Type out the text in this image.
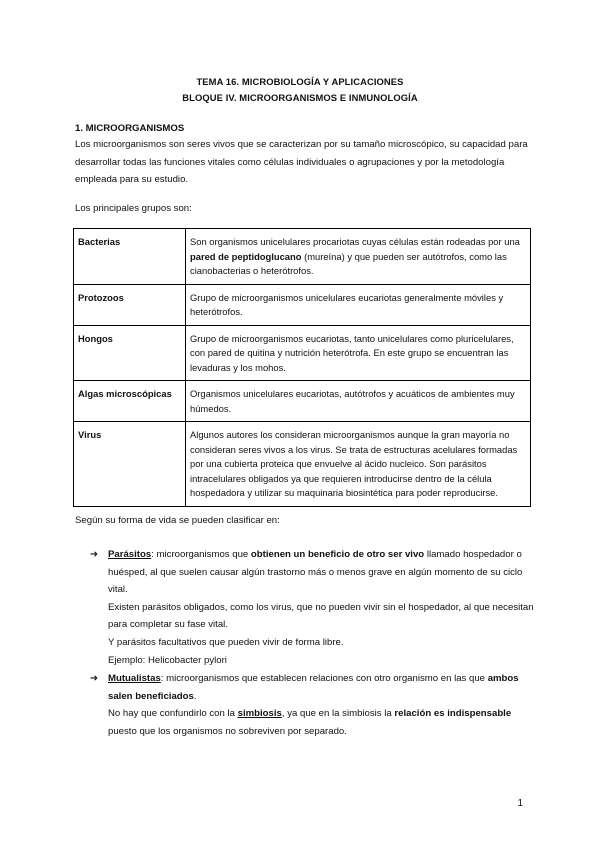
TEMA 16. MICROBIOLOGÍA Y APLICACIONES
BLOQUE IV. MICROORGANISMOS E INMUNOLOGÍA
1. MICROORGANISMOS
Los microorganismos son seres vivos que se caracterizan por su tamaño microscópico, su capacidad para desarrollar todas las funciones vitales como células individuales o agrupaciones y por la metodología empleada para su estudio.
Los principales grupos son:
Bacterias	Son organismos unicelulares procariotas cuyas células están rodeadas por una pared de peptidoglucano (mureína) y que pueden ser autótrofos, como las cianobacterias o heterótrofos.
Protozoos	Grupo de microorganismos unicelulares eucariotas generalmente móviles y heterótrofos.
Hongos	Grupo de microorganismos eucariotas, tanto unicelulares como pluricelulares, con pared de quitina y nutrición heterótrofa. En este grupo se encuentran las levaduras y los mohos.
Algas microscópicas	Organismos unicelulares eucariotas, autótrofos y acuáticos de ambientes muy húmedos.
Virus	Algunos autores los consideran microorganismos aunque la gran mayoría no consideran seres vivos a los virus. Se trata de estructuras acelulares formadas por una cubierta proteica que envuelve al ácido nucleico. Son parásitos intracelulares obligados ya que requieren introducirse dentro de la célula hospedadora y utilizar su maquinaria biosintética para poder reproducirse.
Según su forma de vida se pueden clasificar en:
➔ Parásitos: microorganismos que obtienen un beneficio de otro ser vivo llamado hospedador o huésped, al que suelen causar algún trastorno más o menos grave en algún momento de su ciclo vital.
Existen parásitos obligados, como los virus, que no pueden vivir sin el hospedador, al que necesitan para completar su fase vital.
Y parásitos facultativos que pueden vivir de forma libre.
Ejemplo: Helicobacter pylori
➔ Mutualistas: microorganismos que establecen relaciones con otro organismo en las que ambos salen beneficiados.
No hay que confundirlo con la simbiosis, ya que en la simbiosis la relación es indispensable puesto que los organismos no sobreviven por separado.
1
